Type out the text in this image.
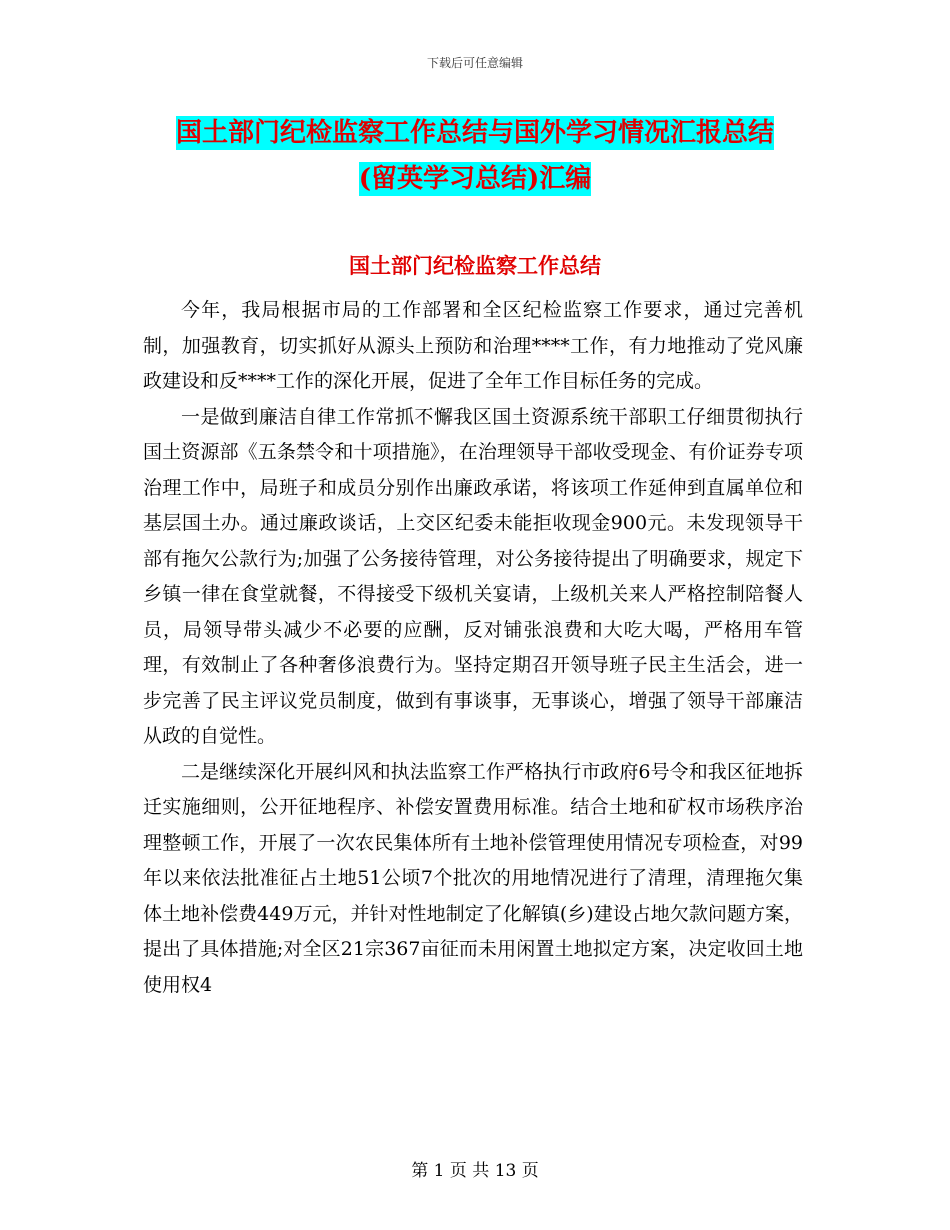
下载后可任意编辑
国土部门纪检监察工作总结与国外学习情况汇报总结
(留英学习总结)汇编
国土部门纪检监察工作总结

今年，我局根据市局的工作部署和全区纪检监察工作要求，通过完善机制，加强教育，切实抓好从源头上预防和治理****工作，有力地推动了党风廉政建设和反****工作的深化开展，促进了全年工作目标任务的完成。

一是做到廉洁自律工作常抓不懈我区国土资源系统干部职工仔细贯彻执行国土资源部《五条禁令和十项措施》，在治理领导干部收受现金、有价证券专项治理工作中，局班子和成员分别作出廉政承诺，将该项工作延伸到直属单位和基层国土办。通过廉政谈话，上交区纪委未能拒收现金900元。未发现领导干部有拖欠公款行为;加强了公务接待管理，对公务接待提出了明确要求，规定下乡镇一律在食堂就餐，不得接受下级机关宴请，上级机关来人严格控制陪餐人员，局领导带头减少不必要的应酬，反对铺张浪费和大吃大喝，严格用车管理，有效制止了各种奢侈浪费行为。坚持定期召开领导班子民主生活会，进一步完善了民主评议党员制度，做到有事谈事，无事谈心，增强了领导干部廉洁从政的自觉性。

二是继续深化开展纠风和执法监察工作严格执行市政府6号令和我区征地拆迁实施细则，公开征地程序、补偿安置费用标准。结合土地和矿权市场秩序治理整顿工作，开展了一次农民集体所有土地补偿管理使用情况专项检查，对99年以来依法批准征占土地51公顷7个批次的用地情况进行了清理，清理拖欠集体土地补偿费449万元，并针对性地制定了化解镇(乡)建设占地欠款问题方案，提出了具体措施;对全区21宗367亩征而未用闲置土地拟定方案，决定收回土地使用权4

第 1 页 共 13 页
